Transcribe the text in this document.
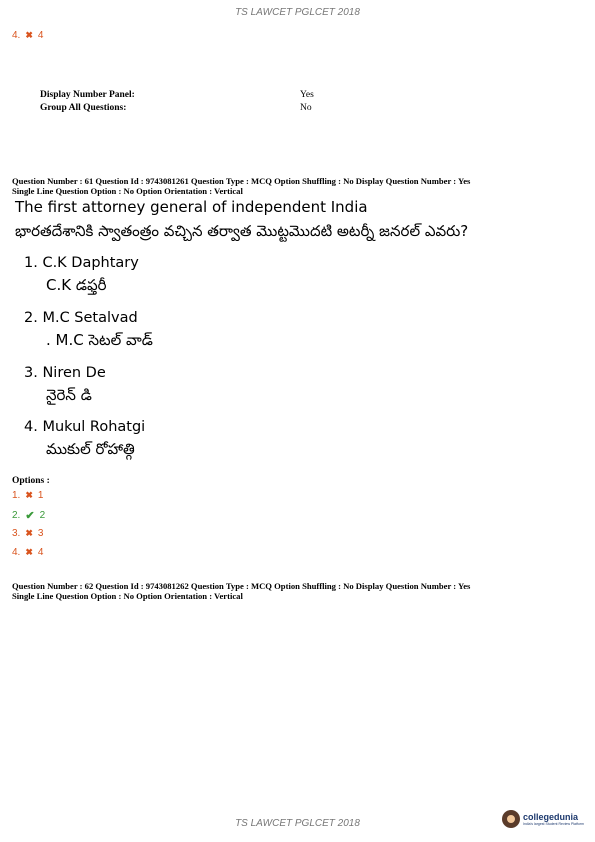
TS LAWCET PGLCET 2018
4. ✖ 4
Display Number Panel:	Yes
Group All Questions:	No
Question Number : 61 Question Id : 9743081261 Question Type : MCQ Option Shuffling : No Display Question Number : Yes
Single Line Question Option : No Option Orientation : Vertical
The first attorney general of independent India
భారతదేశానికి స్వాతంత్రం వచ్చిన తర్వాత మొట్టమొదటి అటర్నీ జనరల్ ఎవరు?
1. C.K Daphtary
C.K డఫ్తరీ
2. M.C Setalvad
. M.C సెటల్ వాడ్
3. Niren De
నైరెన్ డి
4. Mukul Rohatgi
ముకుల్ రోహాత్గి
Options :
1. ✖ 1
2. ✔ 2
3. ✖ 3
4. ✖ 4
Question Number : 62 Question Id : 9743081262 Question Type : MCQ Option Shuffling : No Display Question Number : Yes
Single Line Question Option : No Option Orientation : Vertical
TS LAWCET PGLCET 2018
collegedunia
India's largest Student Review Platform
